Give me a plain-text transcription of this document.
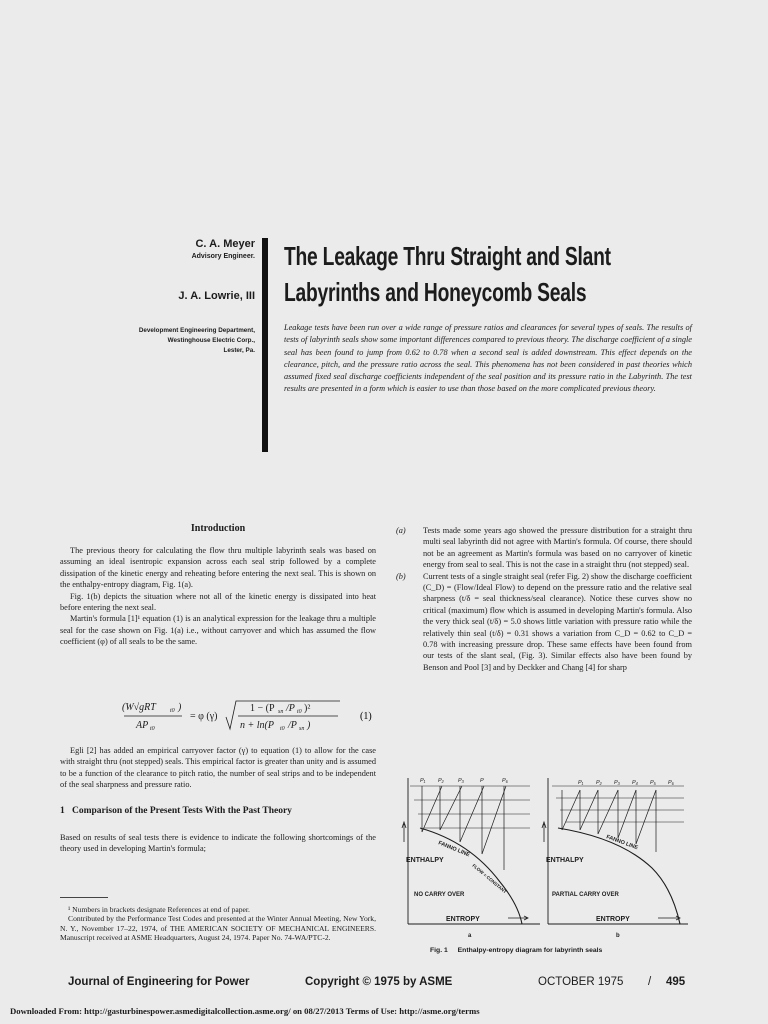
C. A. Meyer
Advisory Engineer.
J. A. Lowrie, III
Development Engineering Department,
Westinghouse Electric Corp.,
Lester, Pa.
The Leakage Thru Straight and Slant
Labyrinths and Honeycomb Seals
Leakage tests have been run over a wide range of pressure ratios and clearances for several types of seals. The results of tests of labyrinth seals show some important differences compared to previous theory. The discharge coefficient of a single seal has been found to jump from 0.62 to 0.78 when a second seal is added downstream. This effect depends on the clearance, pitch, and the pressure ratio across the seal. This phenomena has not been considered in past theories which assumed fixed seal discharge coefficients independent of the seal position and its pressure ratio in the Labyrinth. The test results are presented in a form which is easier to use than those based on the more complicated previous theory.
Introduction

The previous theory for calculating the flow thru multiple labyrinth seals was based on assuming an ideal isentropic expansion across each seal strip followed by a complete dissipation of the kinetic energy and reheating before entering the next seal. This is shown on the enthalpy-entropy diagram, Fig. 1(a).

Fig. 1(b) depicts the situation where not all of the kinetic energy is dissipated into heat before entering the next seal.

Martin's formula [1]¹ equation (1) is an analytical expression for the leakage thru a multiple seal for the case shown on Fig. 1(a) i.e., without carryover and which has assumed the flow coefficient (φ) of all seals to be the same.

(W√gRT t0 )
AP t0
= φ (γ)
1 − (P sn /P t0 )²
n + ln(P t0 /P sn )
(1)

Egli [2] has added an empirical carryover factor (γ) to equation (1) to allow for the case with straight thru (not stepped) seals. This empirical factor is greater than unity and is assumed to be a function of the clearance to pitch ratio, the number of seal strips and to be independent of the seal sharpness and pressure ratio.

1 Comparison of the Present Tests With the Past Theory
Based on results of seal tests there is evidence to indicate the following shortcomings of the theory used in developing Martin's formula;

¹ Numbers in brackets designate References at end of paper.

Contributed by the Performance Test Codes and presented at the Winter Annual Meeting, New York, N. Y., November 17–22, 1974, of THE AMERICAN SOCIETY OF MECHANICAL ENGINEERS. Manuscript received at ASME Headquarters, August 24, 1974. Paper No. 74-WA/PTC-2.

(a)	Tests made some years ago showed the pressure distribution for a straight thru multi seal labyrinth did not agree with Martin's formula. Of course, there should not be an agreement as Martin's formula was based on no carryover of kinetic energy from seal to seal. This is not the case in a straight thru (not stepped) seal.
(b)	Current tests of a single straight seal (refer Fig. 2) show the discharge coefficient (C_D) = (Flow/Ideal Flow) to depend on the pressure ratio and the relative seal sharpness (t/δ = seal thickness/seal clearance). Notice these curves show no critical (maximum) flow which is assumed in developing Martin's formula. Also the very thick seal (t/δ) = 5.0 shows little variation with pressure ratio while the relatively thin seal (t/δ) = 0.31 shows a variation from C_D = 0.62 to C_D = 0.78 with increasing pressure drop. These same effects have been found from our tests of the slant seal, (Fig. 3). Similar effects also have been found by Benson and Pool [3] and by Deckker and Chang [4] for sharp
P₁ P₂	P₃	P	P₆	P₁ P₂ P₃ P₄ P₅ P₆
ENTHALPY
FANNO LINE
FLOW = CONSTANT
NO CARRY OVER
ENTROPY
a
ENTHALPY
FANNO LINE
PARTIAL CARRY OVER
ENTROPY
b
Fig. 1 Enthalpy-entropy diagram for labyrinth seals
Journal of Engineering for Power	Copyright © 1975 by ASME	OCTOBER 1975 / 495
Downloaded From: http://gasturbinespower.asmedigitalcollection.asme.org/ on 08/27/2013 Terms of Use: http://asme.org/terms
